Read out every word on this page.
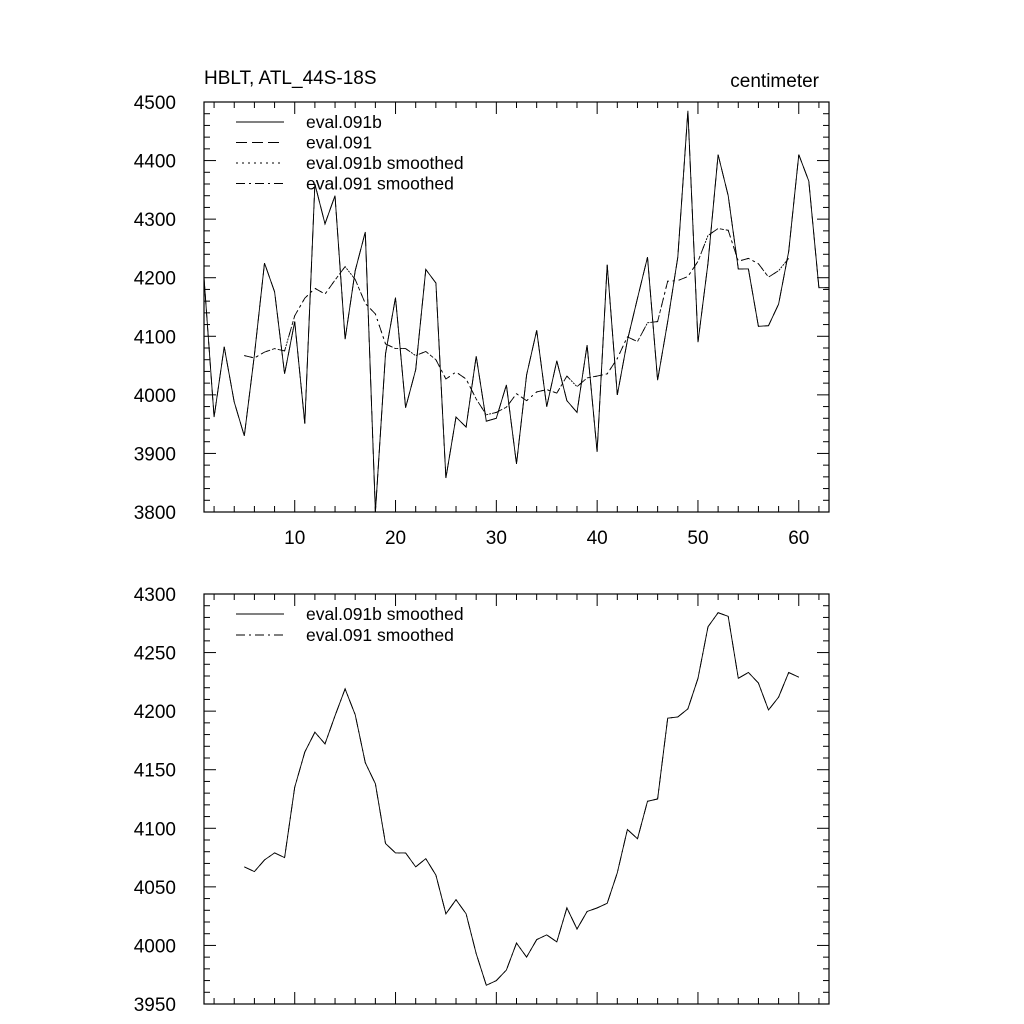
HBLT, ATL_44S-18S	centimeter
10	20	30	40	50	60
3800
3900
4000
4100
4200
4300
4400
4500
eval.091b
eval.091
eval.091b smoothed
eval.091 smoothed
3950
4000
4050
4100
4150
4200
4250
4300
eval.091b smoothed
eval.091 smoothed
